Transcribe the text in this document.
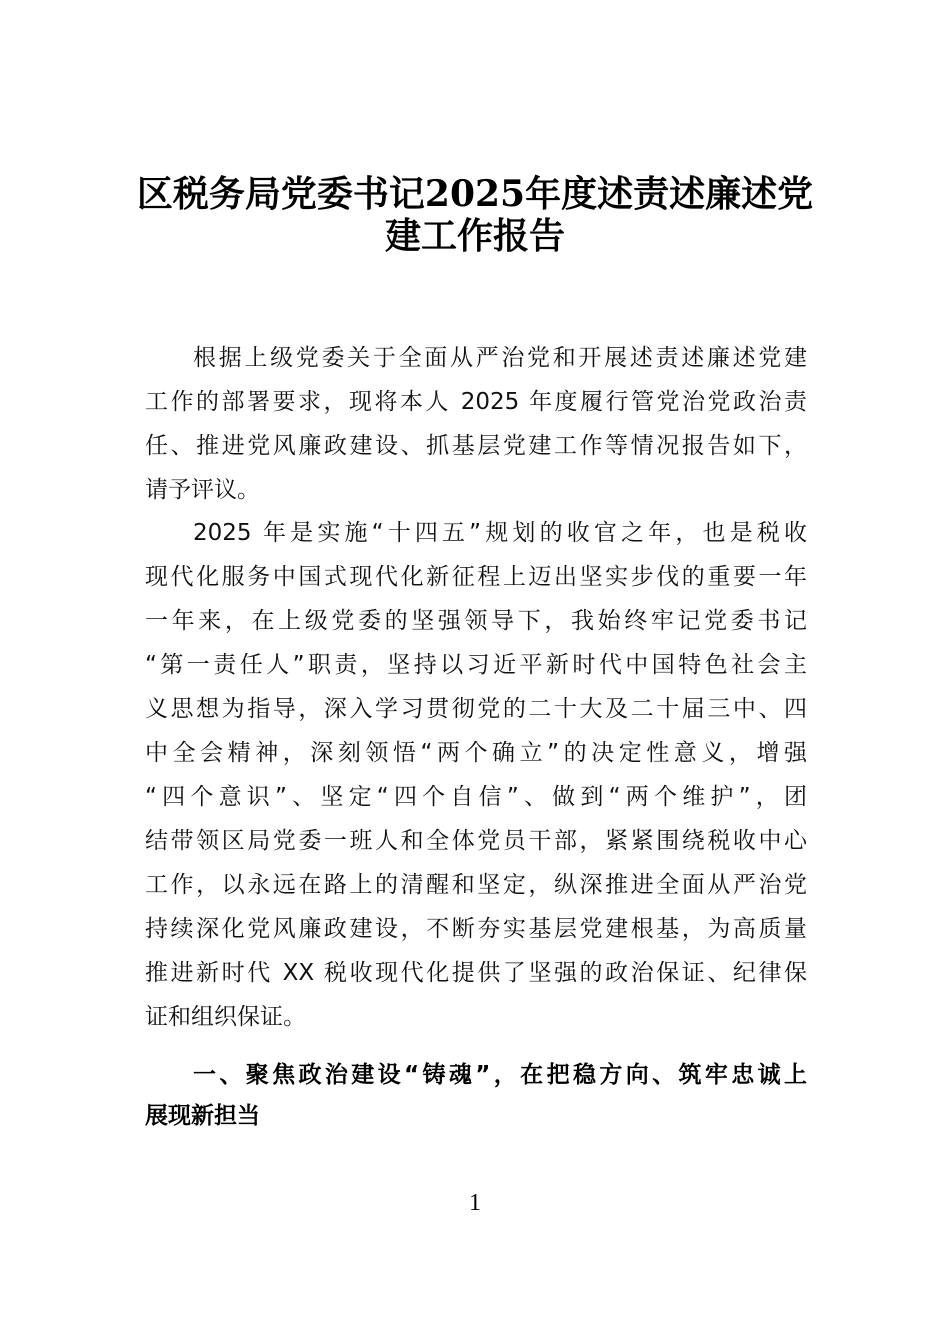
区税务局党委书记2025年度述责述廉述党
建工作报告
根据上级党委关于全面从严治党和开展述责述廉述党建
工作的部署要求，现将本人 2025 年度履行管党治党政治责
任、推进党风廉政建设、抓基层党建工作等情况报告如下，
请予评议。
2025 年是实施“十四五”规划的收官之年，也是税收
现代化服务中国式现代化新征程上迈出坚实步伐的重要一年
一年来，在上级党委的坚强领导下，我始终牢记党委书记
“第一责任人”职责，坚持以习近平新时代中国特色社会主
义思想为指导，深入学习贯彻党的二十大及二十届三中、四
中全会精神，深刻领悟“两个确立”的决定性意义，增强
“四个意识”、坚定“四个自信”、做到“两个维护”，团
结带领区局党委一班人和全体党员干部，紧紧围绕税收中心
工作，以永远在路上的清醒和坚定，纵深推进全面从严治党
持续深化党风廉政建设，不断夯实基层党建根基，为高质量
推进新时代 XX 税收现代化提供了坚强的政治保证、纪律保
证和组织保证。
一、聚焦政治建设“铸魂”，在把稳方向、筑牢忠诚上
展现新担当
1
